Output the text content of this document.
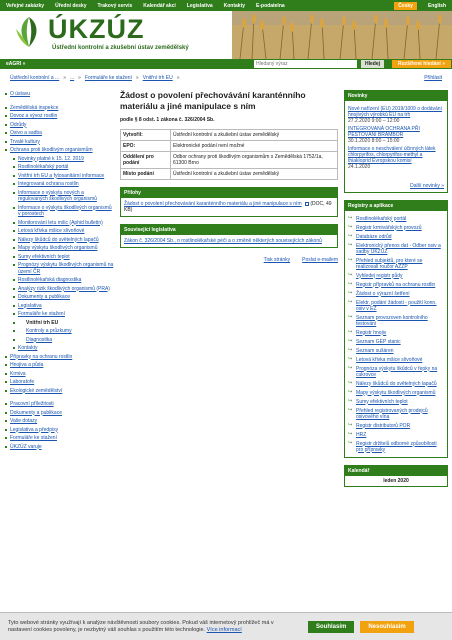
Veřejné zakázky Úřední desky Trakový servis Kalendář akcí Legislativa Kontakty E-podatelna	Česky	English
ÚKZÚZ
Ústřední kontrolní a zkušební ústav zemědělský
eAGRI »
Hledaný výraz	Hledej	Rozšířené hledání »
Ústřední kontrolní a ... » ... » Formuláře ke stažení » Vnitřní trh EU »	Přihlásit
O ústavu
Zemědělská inspekce
Dovoz a vývoz rostlin
Odrůdy
Osivo a sadba
Trvalé kultury
Ochrana proti škodlivým organismům
Novinky platné k 15. 12. 2019
Rostlinolékařský portál
Vnitřní trh EU a fytosanitární informace
Integrovaná ochrana rostlin
Informace o výskytu nových a regulovaných škodlivých organismů
Informace o výskytu škodlivých organismů v porostech
Monitorování letu mšic (Aphid bulletin)
Letová křivka mšice slívoňové
Nálezy škůdců do světelných lapačů
Mapy výskytu škodlivých organismů
Sumy efektivních teplot
Prognózy výskytu škodlivých organismů na území ČR
Rostlinolékařská diagnostika
Analýzy rizik škodlivých organismů (PRA)
Dokumenty a publikace
Legislativa
Formuláře ke stažení
Vnitřní trh EU
Kontroly a průzkumy
Diagnostika
Kontakty
Přípravky na ochranu rostlin
Hnojiva a půda
Krmiva
Laboratoře
Ekologické zemědělství
Pracovní příležitosti
Dokumenty a publikace
Vaše dotazy
Legislativa a předpisy
Formuláře ke stažení
ÚKZÚZ varuje
Žádost o povolení přechovávání karanténního materiálu a jiné manipulace s ním
podle § 8 odst. 1 zákona č. 326/2004 Sb.
Vytvořil:	Ústřední kontrolní a zkušební ústav zemědělský
EPO:	Elektronické podání není možné
Oddělení pro podání	Odbor ochrany proti škodlivým organismům x Zemědělská 1752/1a, 61300 Brno
Místo podání	Ústřední kontrolní a zkušební ústav zemědělský
Přílohy
Žádost o povolení přechovávání karanténního materiálu a jiné manipulace s ním (DOC, 49 KB)
Související legislativa
Zákon č. 326/2004 Sb., o rostlinolékařské péči a o změně některých souvisejících zákonů
Tisk stránky Poslat e-mailem
Novinky
Nové nařízení (EU) 2019/1009 o dodávání hnojivých výrobků EU na trh
27.2.2020 9:00 – 12:00
INTEGROVANÁ OCHRANA PŘI PĚSTOVÁNÍ BRAMBOR
30.1.2020 8:00 – 15:00
Informace o neschválení účinných látek chlorpyrifos, chlorpyrifos-methyl a thiakloprid Evropskou komisí
24.1.2020
Další novinky »
Registry a aplikace
↪ Rostlinolékařský portál
↪ Registr krmivářských provozů
↪ Databáze odrůd
↪ Elektronický přenos dat - Odber osiv a sadby ÚKZÚZ
↪ Přehled subjektů, pro které se realizovali roučor AZZP
↪ Vyhledej registr půdy
↪ Registr přípravků na ochranu rostlin
↪ Žádost o výrazní šetření
↪ Elektr. podání žádosti - použití konn. osiv v EZ
↪ Seznam provozoven kontrolního testování
↪ Registr hnojiv
↪ Seznam GEP stanic
↪ Seznam sušáren
↪ Letová křivka mšice slívoňové
↪ Prognóza výskytu škůdců v řepky na cukrovce
↪ Nálezy škůdců do světelných lapačů
↪ Mapy výskytu škodlivých organismů
↪ Sumy efektivních teplot
↪ Přehled registrovaných prodejců osivového vína
↪ Registr distributorů POR
↪ HRZ
↪ Registr držitelů odborné způsobilosti pro přípravky
Kalendář
leden 2020
Tyto webové stránky využívají k analýze návštěvnosti soubory cookies. Pokud váš internetový prohlížeč má v nastavení cookies povoleny, je nezbytný váš souhlas s použitím této technologie. Více informací	Souhlasím	Nesouhlasím
